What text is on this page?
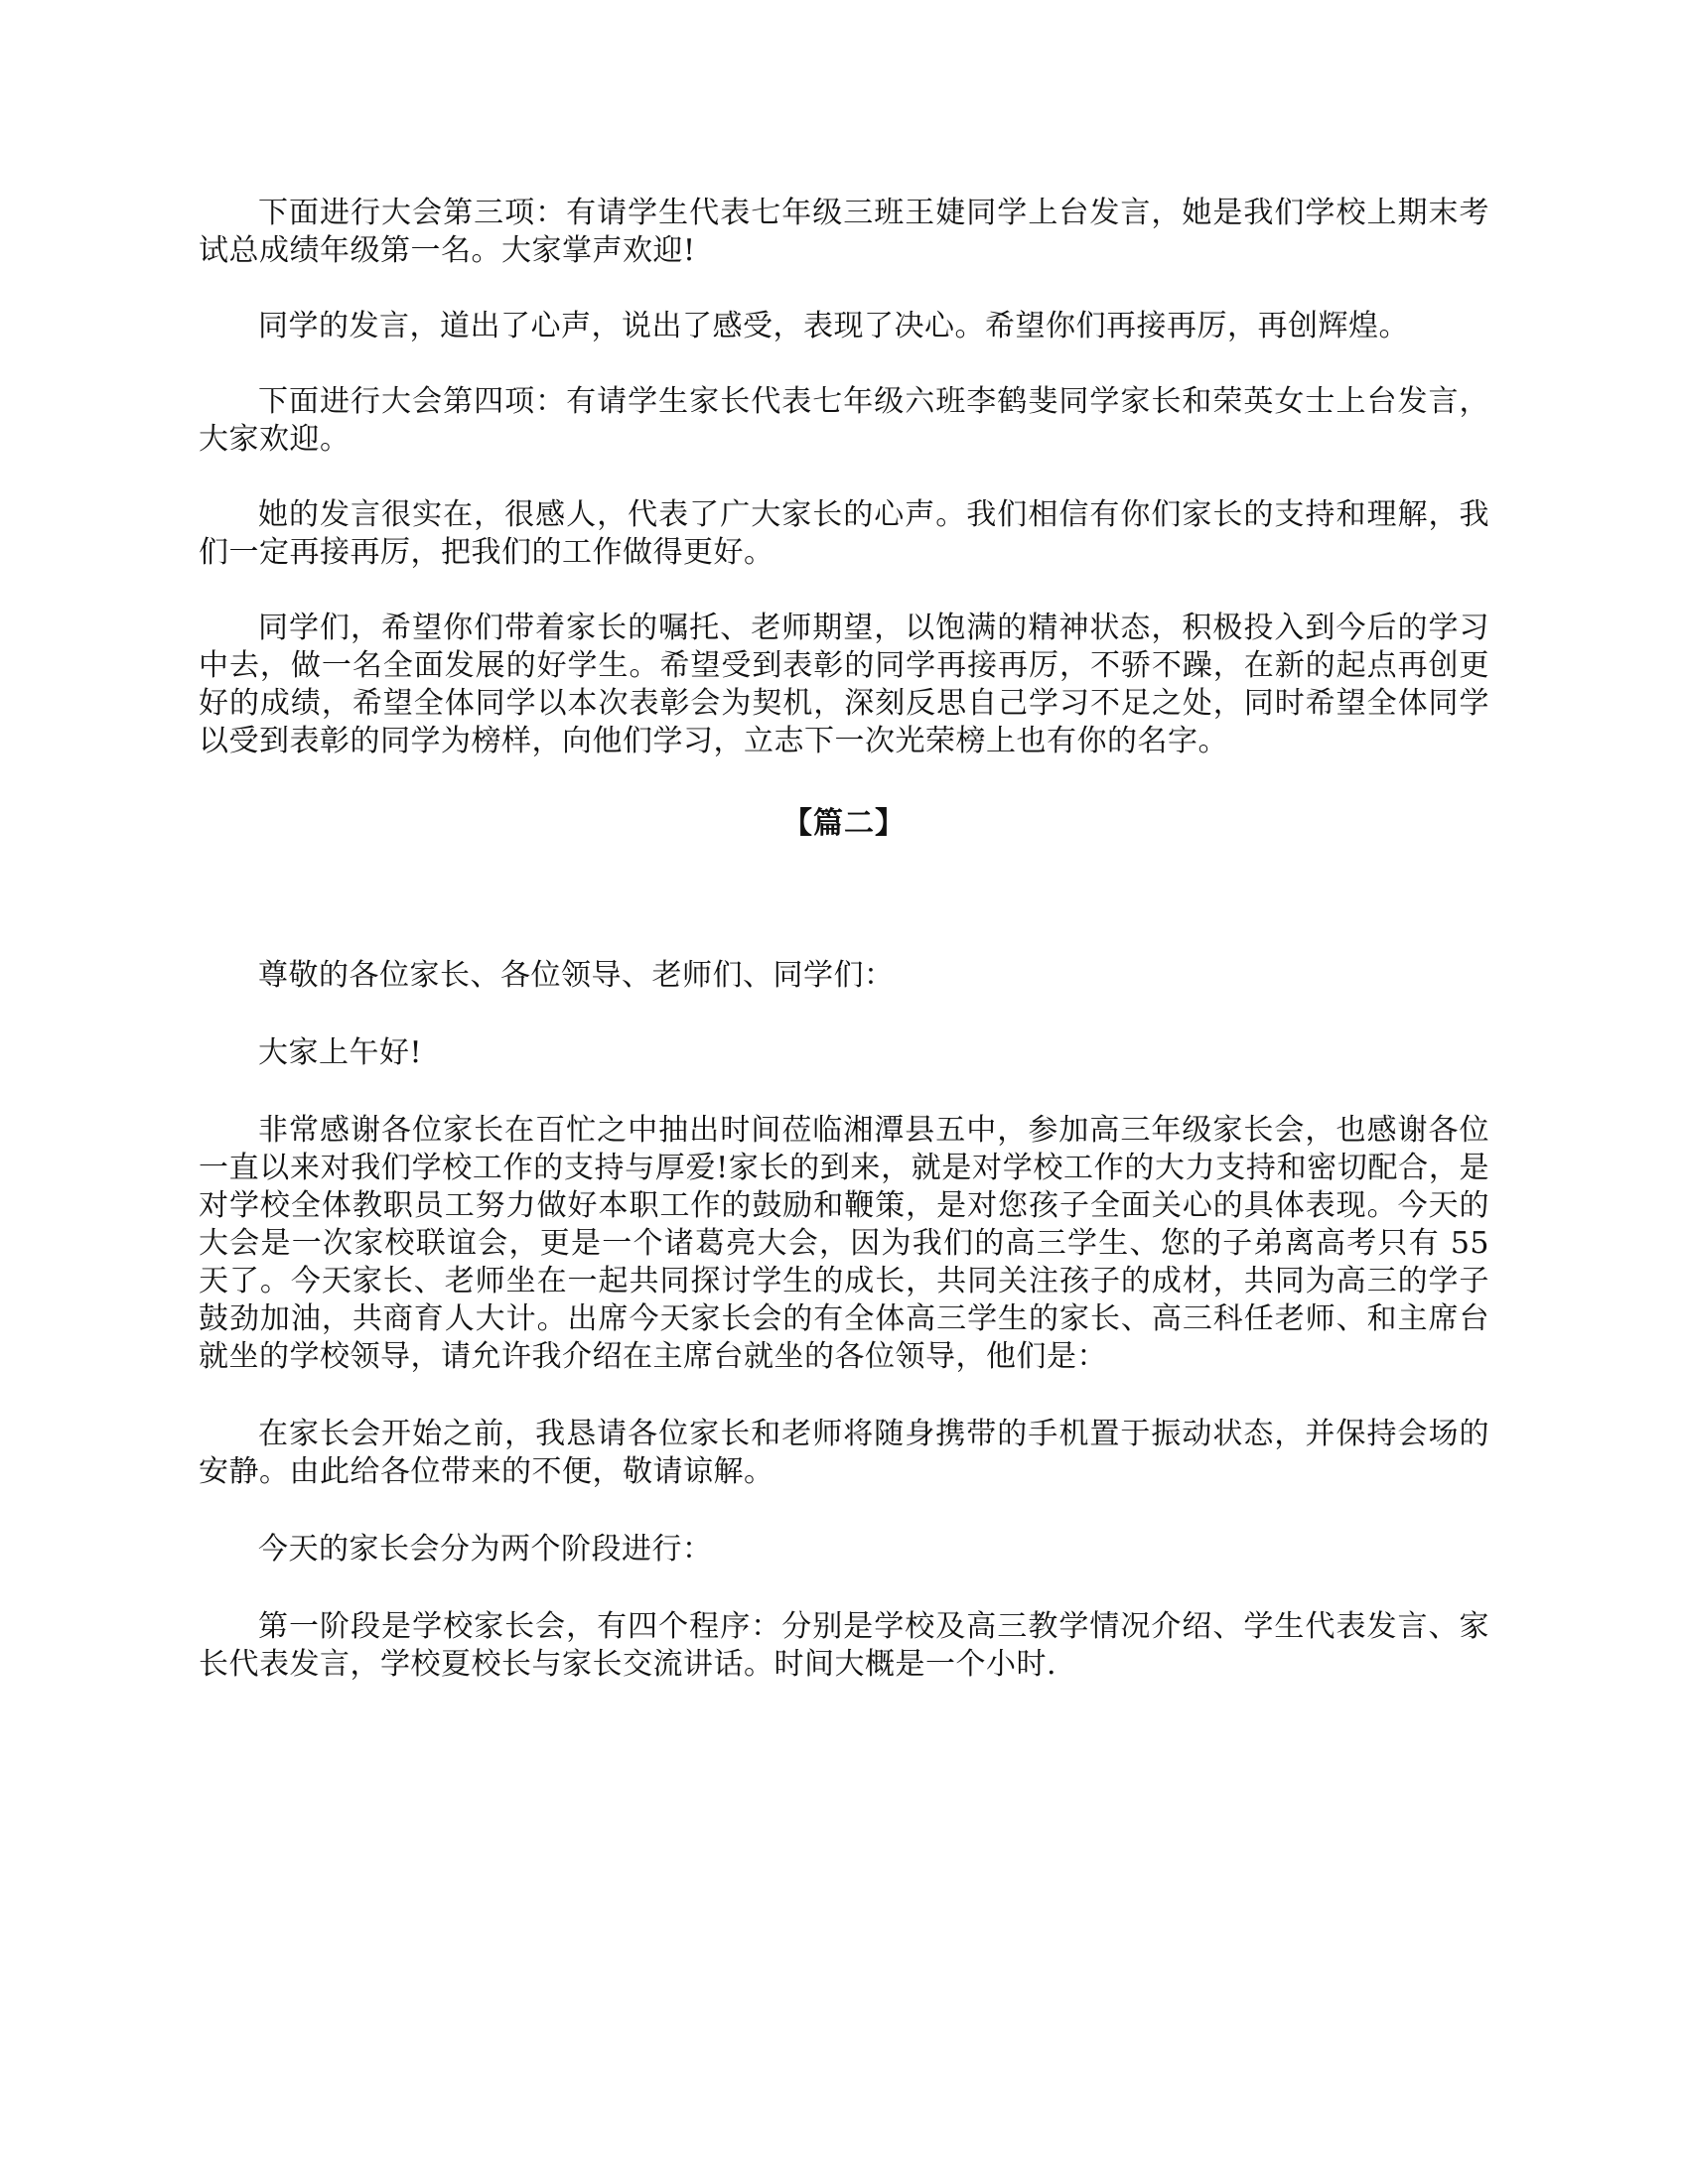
下面进行大会第三项：有请学生代表七年级三班王婕同学上台发言，她是我们学校上期末考试总成绩年级第一名。大家掌声欢迎!

同学的发言，道出了心声，说出了感受，表现了决心。希望你们再接再厉，再创辉煌。

下面进行大会第四项：有请学生家长代表七年级六班李鹤斐同学家长和荣英女士上台发言，大家欢迎。

她的发言很实在，很感人，代表了广大家长的心声。我们相信有你们家长的支持和理解，我们一定再接再厉，把我们的工作做得更好。

同学们，希望你们带着家长的嘱托、老师期望，以饱满的精神状态，积极投入到今后的学习中去，做一名全面发展的好学生。希望受到表彰的同学再接再厉，不骄不躁，在新的起点再创更好的成绩，希望全体同学以本次表彰会为契机，深刻反思自己学习不足之处，同时希望全体同学以受到表彰的同学为榜样，向他们学习，立志下一次光荣榜上也有你的名字。

【篇二】

尊敬的各位家长、各位领导、老师们、同学们：

大家上午好!

非常感谢各位家长在百忙之中抽出时间莅临湘潭县五中，参加高三年级家长会，也感谢各位一直以来对我们学校工作的支持与厚爱!家长的到来，就是对学校工作的大力支持和密切配合，是对学校全体教职员工努力做好本职工作的鼓励和鞭策，是对您孩子全面关心的具体表现。今天的大会是一次家校联谊会，更是一个诸葛亮大会，因为我们的高三学生、您的子弟离高考只有 55 天了。今天家长、老师坐在一起共同探讨学生的成长，共同关注孩子的成材，共同为高三的学子鼓劲加油，共商育人大计。出席今天家长会的有全体高三学生的家长、高三科任老师、和主席台就坐的学校领导，请允许我介绍在主席台就坐的各位领导，他们是：

在家长会开始之前，我恳请各位家长和老师将随身携带的手机置于振动状态，并保持会场的安静。由此给各位带来的不便，敬请谅解。

今天的家长会分为两个阶段进行：

第一阶段是学校家长会，有四个程序：分别是学校及高三教学情况介绍、学生代表发言、家长代表发言，学校夏校长与家长交流讲话。时间大概是一个小时.
